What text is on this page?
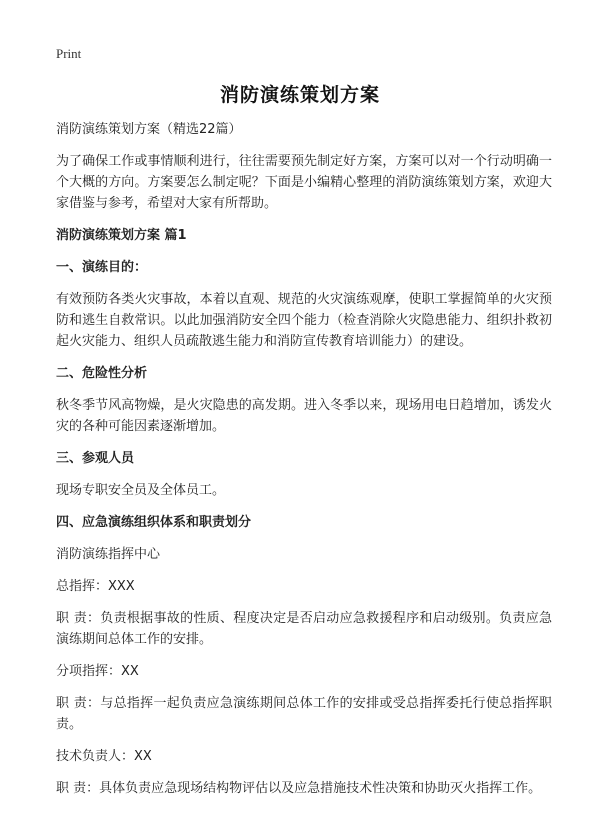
Print
消防演练策划方案

消防演练策划方案（精选22篇）

为了确保工作或事情顺利进行，往往需要预先制定好方案，方案可以对一个行动明确一个大概的方向。方案要怎么制定呢？下面是小编精心整理的消防演练策划方案，欢迎大家借鉴与参考，希望对大家有所帮助。

消防演练策划方案 篇1

一、演练目的：

有效预防各类火灾事故，本着以直观、规范的火灾演练观摩，使职工掌握简单的火灾预防和逃生自救常识。以此加强消防安全四个能力（检查消除火灾隐患能力、组织扑救初起火灾能力、组织人员疏散逃生能力和消防宣传教育培训能力）的建设。

二、危险性分析

秋冬季节风高物燥，是火灾隐患的高发期。进入冬季以来，现场用电日趋增加，诱发火灾的各种可能因素逐渐增加。

三、参观人员

现场专职安全员及全体员工。

四、应急演练组织体系和职责划分

消防演练指挥中心

总指挥：XXX

职 责：负责根据事故的性质、程度决定是否启动应急救援程序和启动级别。负责应急演练期间总体工作的安排。

分项指挥：XX

职 责：与总指挥一起负责应急演练期间总体工作的安排或受总指挥委托行使总指挥职责。

技术负责人：XX

职 责：具体负责应急现场结构物评估以及应急措施技术性决策和协助灭火指挥工作。
